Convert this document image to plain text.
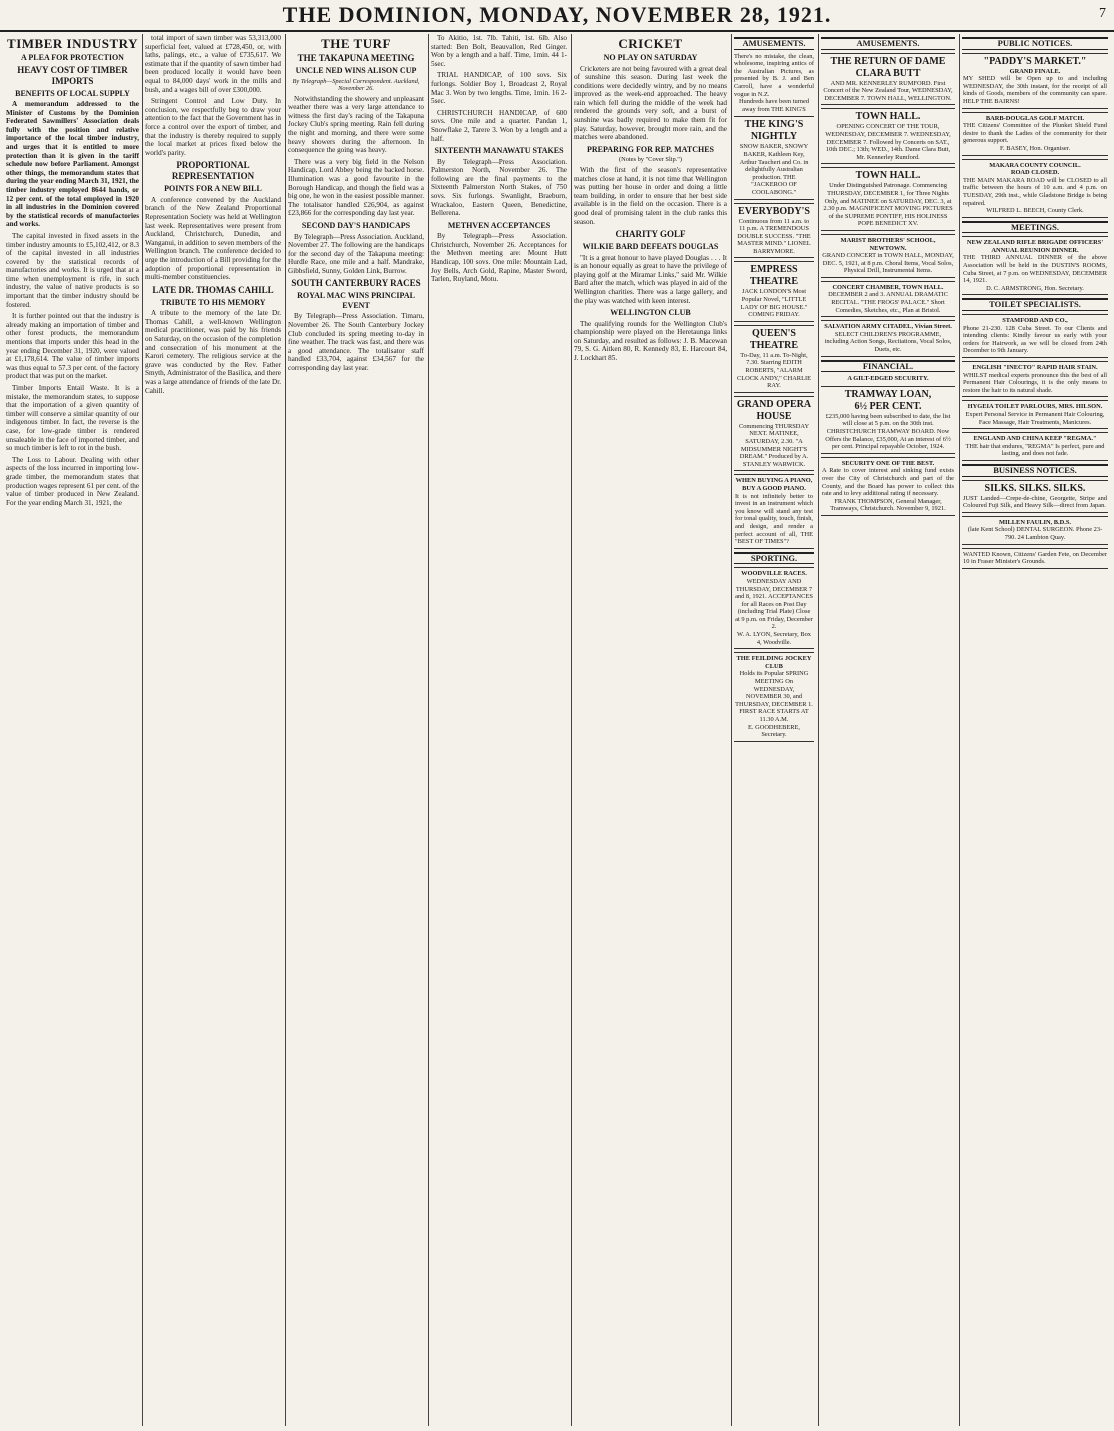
THE DOMINION, MONDAY, NOVEMBER 28, 1921.	7
TIMBER INDUSTRY
A PLEA FOR PROTECTION
HEAVY COST OF TIMBER IMPORTS
BENEFITS OF LOCAL SUPPLY

A memorandum addressed to the Minister of Customs by the Dominion Federated Sawmillers' Association deals fully with the position and relative importance of the local timber industry, and urges that it is entitled to more protection than it is given in the tariff schedule now before Parliament. Amongst other things, the memorandum states that during the year ending March 31, 1921, the timber industry employed 8644 hands, or 12 per cent. of the total employed in 1920 in all industries in the Dominion covered by the statistical records of manufactories and works.

The capital invested in fixed assets in the timber industry amounts to £5,102,412, or 8.3 of the capital invested in all industries covered by the statistical records of manufactories and works. It is urged that at a time when unemployment is rife, in such industry, the value of native products is so important that the timber industry should be fostered.

It is further pointed out that the industry is already making an importation of timber and other forest products, the memorandum mentions that imports under this head in the year ending December 31, 1920, were valued at £1,178,614. The value of timber imports was thus equal to 57.3 per cent. of the factory product that was put on the market.

Timber Imports Entail Waste. It is a mistake, the memorandum states, to suppose that the importation of a given quantity of timber will conserve a similar quantity of our indigenous timber. In fact, the reverse is the case, for low-grade timber is rendered unsaleable in the face of imported timber, and so much timber is left to rot in the bush.

The Loss to Labour. Dealing with other aspects of the loss incurred in importing low-grade timber, the memorandum states that production wages represent 61 per cent. of the value of timber produced in New Zealand. For the year ending March 31, 1921, the

total import of sawn timber was 53,313,000 superficial feet, valued at £728,450, or, with laths, palings, etc., a value of £735,617. We estimate that if the quantity of sawn timber had been produced locally it would have been equal to 84,000 days' work in the mills and bush, and a wages bill of over £300,000.

Stringent Control and Low Duty. In conclusion, we respectfully beg to draw your attention to the fact that the Government has in force a control over the export of timber, and that the industry is thereby required to supply the local market at prices fixed below the world's parity.

PROPORTIONAL REPRESENTATION
POINTS FOR A NEW BILL

A conference convened by the Auckland branch of the New Zealand Proportional Representation Society was held at Wellington last week. Representatives were present from Auckland, Christchurch, Dunedin, and Wanganui, in addition to seven members of the Wellington branch. The conference decided to urge the introduction of a Bill providing for the adoption of proportional representation in multi-member constituencies.

LATE DR. THOMAS CAHILL
TRIBUTE TO HIS MEMORY

A tribute to the memory of the late Dr. Thomas Cahill, a well-known Wellington medical practitioner, was paid by his friends on Saturday, on the occasion of the completion and consecration of his monument at the Karori cemetery. The religious service at the grave was conducted by the Rev. Father Smyth, Administrator of the Basilica, and there was a large attendance of friends of the late Dr. Cahill.

THE TURF
THE TAKAPUNA MEETING
UNCLE NED WINS ALISON CUP
By Telegraph—Special Correspondent. Auckland, November 26.

Notwithstanding the showery and unpleasant weather there was a very large attendance to witness the first day's racing of the Takapuna Jockey Club's spring meeting. Rain fell during the night and morning, and there were some heavy showers during the afternoon. In consequence the going was heavy.

There was a very big field in the Nelson Handicap, Lord Abbey being the backed horse. Illumination was a good favourite in the Borough Handicap, and though the field was a big one, he won in the easiest possible manner. The totalisator handled £26,904, as against £23,866 for the corresponding day last year.

SECOND DAY'S HANDICAPS

By Telegraph—Press Association. Auckland, November 27. The following are the handicaps for the second day of the Takapuna meeting: Hurdle Race, one mile and a half. Mandrake, Gibbsfield, Sunny, Golden Link, Burrow.

SOUTH CANTERBURY RACES
ROYAL MAC WINS PRINCIPAL EVENT

By Telegraph—Press Association. Timaru, November 26. The South Canterbury Jockey Club concluded its spring meeting to-day in fine weather. The track was fast, and there was a good attendance. The totalisator staff handled £33,704, against £34,567 for the corresponding day last year.

To Akitio, 1st. 7lb. Tahiti, 1st. 6lb. Also started: Ben Bolt, Beauvallon, Red Ginger. Won by a length and a half. Time, 1min. 44 1-5sec.

TRIAL HANDICAP, of 100 sovs. Six furlongs. Soldier Boy 1, Broadcast 2, Royal Mac 3. Won by two lengths. Time, 1min. 16 2-5sec.

CHRISTCHURCH HANDICAP, of 600 sovs. One mile and a quarter. Pandan 1, Snowflake 2, Tarere 3. Won by a length and a half.

SIXTEENTH MANAWATU STAKES

By Telegraph—Press Association. Palmerston North, November 26. The following are the final payments to the Sixteenth Palmerston North Stakes, of 750 sovs. Six furlongs. Swanlight, Braeburn, Wrackaloo, Eastern Queen, Benedictine, Bellerena.

METHVEN ACCEPTANCES

By Telegraph—Press Association. Christchurch, November 26. Acceptances for the Methven meeting are: Mount Hutt Handicap, 100 sovs. One mile: Mountain Lad, Joy Bells, Arch Gold, Rapine, Master Sword, Tarlen, Ruyland, Motu.

CRICKET
NO PLAY ON SATURDAY

Cricketers are not being favoured with a great deal of sunshine this season. During last week the conditions were decidedly wintry, and by no means improved as the week-end approached. The heavy rain which fell during the middle of the week had rendered the grounds very soft, and a burst of sunshine was badly required to make them fit for play. Saturday, however, brought more rain, and the matches were abandoned.

PREPARING FOR REP. MATCHES
(Notes by "Cover Slip.")

With the first of the season's representative matches close at hand, it is not time that Wellington was putting her house in order and doing a little team building, in order to ensure that her best side available is in the field on the occasion. There is a good deal of promising talent in the club ranks this season.

CHARITY GOLF
WILKIE BARD DEFEATS DOUGLAS

"It is a great honour to have played Douglas . . . It is an honour equally as great to have the privilege of playing golf at the Miramar Links," said Mr. Wilkie Bard after the match, which was played in aid of the Wellington charities. There was a large gallery, and the play was watched with keen interest.

WELLINGTON CLUB

The qualifying rounds for the Wellington Club's championship were played on the Heretaunga links on Saturday, and resulted as follows: J. B. Macewan 79, S. G. Aitken 80, R. Kennedy 83, E. Harcourt 84, J. Lockhart 85.

AMUSEMENTS.
There's no mistake, the clean, wholesome, inspiring antics of the Australian Pictures, as presented by B. J. and Ben Carroll, have a wonderful vogue in N.Z.
Hundreds have been turned away from THE KING'S
THE KING'S NIGHTLY
SNOW BAKER, SNOWY BAKER, Kathleen Key, Arthur Tauchert and Co. in delightfully Australian production. THE "JACKEROO OF COOLABONG."
EVERYBODY'S
Continuous from 11 a.m. to 11 p.m. A TREMENDOUS DOUBLE SUCCESS. "THE MASTER MIND." LIONEL BARRYMORE.
EMPRESS THEATRE
JACK LONDON'S Most Popular Novel, "LITTLE LADY OF BIG HOUSE." COMING FRIDAY.
QUEEN'S THEATRE
To-Day, 11 a.m. To-Night, 7.30. Starring EDITH ROBERTS, "ALARM CLOCK ANDY," CHARLIE RAY.
GRAND OPERA HOUSE
Commencing THURSDAY NEXT. MATINEE, SATURDAY, 2.30. "A MIDSUMMER NIGHT'S DREAM." Produced by A. STANLEY WARWICK.
WHEN BUYING A PIANO, BUY A GOOD PIANO.
It is not infinitely better to invest in an instrument which you know will stand any test for tonal quality, touch, finish, and design, and render a perfect account of all, THE "BEST OF TIMES"?
SPORTING.
WOODVILLE RACES.
WEDNESDAY AND THURSDAY, DECEMBER 7 and 8, 1921. ACCEPTANCES for all Races on Post Day (including Trial Plate) Close at 9 p.m. on Friday, December 2.
W. A. LYON, Secretary, Box 4, Woodville.
THE FEILDING JOCKEY CLUB
Holds its Popular SPRING MEETING On WEDNESDAY, NOVEMBER 30, and THURSDAY, DECEMBER 1. FIRST RACE STARTS AT 11.30 A.M.
E. GOODHEBERE, Secretary.
AMUSEMENTS.
THE RETURN OF DAME CLARA BUTT
AND MR. KENNERLEY RUMFORD. First Concert of the New Zealand Tour, WEDNESDAY, DECEMBER 7. TOWN HALL, WELLINGTON.
TOWN HALL.
OPENING CONCERT OF THE TOUR, WEDNESDAY, DECEMBER 7. WEDNESDAY, DECEMBER 7. Followed by Concerts on SAT., 10th DEC.; 13th; WED., 14th. Dame Clara Butt, Mr. Kennerley Rumford.
TOWN HALL.
Under Distinguished Patronage. Commencing THURSDAY, DECEMBER 1, for Three Nights Only, and MATINEE on SATURDAY, DEC. 3, at 2.30 p.m. MAGNIFICENT MOVING PICTURES of the SUPREME PONTIFF, HIS HOLINESS POPE BENEDICT XV.
MARIST BROTHERS' SCHOOL, NEWTOWN.
GRAND CONCERT in TOWN HALL, MONDAY, DEC. 5, 1921, at 8 p.m. Choral Items, Vocal Solos, Physical Drill, Instrumental Items.
CONCERT CHAMBER, TOWN HALL.
DECEMBER 2 and 3. ANNUAL DRAMATIC RECITAL. "THE FROGS' PALACE." Short Comedies, Sketches, etc., Plan at Bristol.
SALVATION ARMY CITADEL, Vivian Street.
SELECT CHILDREN'S PROGRAMME, including Action Songs, Recitations, Vocal Solos, Duets, etc.
FINANCIAL.
A GILT-EDGED SECURITY.
TRAMWAY LOAN,
6½ PER CENT.
£235,000 having been subscribed to date, the list will close at 5 p.m. on the 30th inst. CHRISTCHURCH TRAMWAY BOARD. Now Offers the Balance, £35,000, At an interest of 6½ per cent. Principal repayable October, 1924.
SECURITY ONE OF THE BEST.
A Rate to cover interest and sinking fund exists over the City of Christchurch and part of the County, and the Board has power to collect this rate and to levy additional rating if necessary.
FRANK THOMPSON, General Manager, Tramways, Christchurch. November 9, 1921.
PUBLIC NOTICES.
"PADDY'S MARKET."
GRAND FINALE.
MY SHED will be Open up to and including WEDNESDAY, the 30th instant, for the receipt of all kinds of Goods, members of the community can spare. HELP THE BAIRNS!
BARB-DOUGLAS GOLF MATCH.
THE Citizens' Committee of the Plunket Shield Fund desire to thank the Ladies of the community for their generous support.
F. BASEY, Hon. Organiser.
MAKARA COUNTY COUNCIL.
ROAD CLOSED.
THE MAIN MAKARA ROAD will be CLOSED to all traffic between the hours of 10 a.m. and 4 p.m. on TUESDAY, 29th inst., while Gladstone Bridge is being repaired.
WILFRED L. BEECH, County Clerk.
MEETINGS.
NEW ZEALAND RIFLE BRIGADE OFFICERS' ANNUAL REUNION DINNER.
THE THIRD ANNUAL DINNER of the above Association will be held in the DUSTIN'S ROOMS, Cuba Street, at 7 p.m. on WEDNESDAY, DECEMBER 14, 1921.
D. C. ARMSTRONG, Hon. Secretary.
TOILET SPECIALISTS.
STAMFORD AND CO.,
Phone 21-230. 128 Cuba Street. To our Clients and intending clients: Kindly favour us early with your orders for Hairwork, as we will be closed from 24th December to 9th January.
ENGLISH "INECTO" RAPID HAIR STAIN.
WHILST medical experts pronounce this the best of all Permanent Hair Colourings, it is the only means to restore the hair to its natural shade.
HYGEIA TOILET PARLOURS, MRS. HILSON.
Expert Personal Service in Permanent Hair Colouring, Face Massage, Hair Treatments, Manicures.
ENGLAND AND CHINA KEEP "REGMA."
THE hair that endures, "REGMA" Is perfect, pure and lasting, and does not fade.
BUSINESS NOTICES.
SILKS. SILKS. SILKS.
JUST Landed—Crepe-de-chine, Georgette, Stripe and Coloured Fuji Silk, and Heavy Silk—direct from Japan.
MILLEN FAULIN, B.D.S.
(late Kent School) DENTAL SURGEON. Phone 23-790. 24 Lambton Quay.
WANTED Known, Citizens' Garden Fete, on December 10 in Fraser Minister's Grounds.
